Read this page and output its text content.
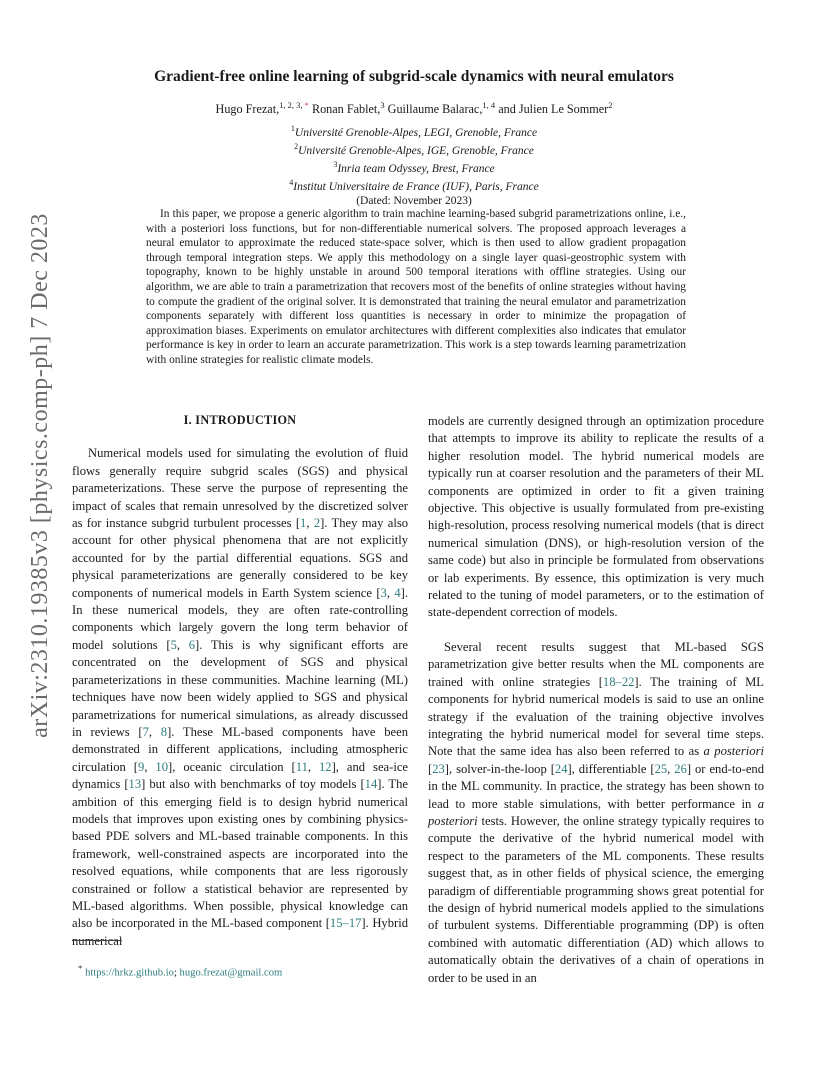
arXiv:2310.19385v3 [physics.comp-ph] 7 Dec 2023
Gradient-free online learning of subgrid-scale dynamics with neural emulators
Hugo Frezat,$^{1, 2, 3,}$ * Ronan Fablet,$^3$ Guillaume Balarac,$^{1, 4}$ and Julien Le Sommer$^2$
$^1$Université Grenoble-Alpes, LEGI, Grenoble, France
$^2$Université Grenoble-Alpes, IGE, Grenoble, France
$^3$Inria team Odyssey, Brest, France
$^4$Institut Universitaire de France (IUF), Paris, France
(Dated: November 2023)
In this paper, we propose a generic algorithm to train machine learning-based subgrid parametrizations online, i.e., with a posteriori loss functions, but for non-differentiable numerical solvers. The proposed approach leverages a neural emulator to approximate the reduced state-space solver, which is then used to allow gradient propagation through temporal integration steps. We apply this methodology on a single layer quasi-geostrophic system with topography, known to be highly unstable in around 500 temporal iterations with offline strategies. Using our algorithm, we are able to train a parametrization that recovers most of the benefits of online strategies without having to compute the gradient of the original solver. It is demonstrated that training the neural emulator and parametrization components separately with different loss quantities is necessary in order to minimize the propagation of approximation biases. Experiments on emulator architectures with different complexities also indicates that emulator performance is key in order to learn an accurate parametrization. This work is a step towards learning parametrization with online strategies for realistic climate models.
I. INTRODUCTION

Numerical models used for simulating the evolution of fluid flows generally require subgrid scales (SGS) and physical parameterizations. These serve the purpose of representing the impact of scales that remain unresolved by the discretized solver as for instance subgrid turbulent processes [1, 2]. They may also account for other physical phenomena that are not explicitly accounted for by the partial differential equations. SGS and physical parameterizations are generally considered to be key components of numerical models in Earth System science [3, 4]. In these numerical models, they are often rate-controlling components which largely govern the long term behavior of model solutions [5, 6]. This is why significant efforts are concentrated on the development of SGS and physical parameterizations in these communities. Machine learning (ML) techniques have now been widely applied to SGS and physical parametrizations for numerical simulations, as already discussed in reviews [7, 8]. These ML-based components have been demonstrated in different applications, including atmospheric circulation [9, 10], oceanic circulation [11, 12], and sea-ice dynamics [13] but also with benchmarks of toy models [14]. The ambition of this emerging field is to design hybrid numerical models that improves upon existing ones by combining physics-based PDE solvers and ML-based trainable components. In this framework, well-constrained aspects are incorporated into the resolved equations, while components that are less rigorously constrained or follow a statistical behavior are represented by ML-based algorithms. When possible, physical knowledge can also be incorporated in the ML-based component [15–17]. Hybrid numerical

models are currently designed through an optimization procedure that attempts to improve its ability to replicate the results of a higher resolution model. The hybrid numerical models are typically run at coarser resolution and the parameters of their ML components are optimized in order to fit a given training objective. This objective is usually formulated from pre-existing high-resolution, process resolving numerical models (that is direct numerical simulation (DNS), or high-resolution version of the same code) but also in principle be formulated from observations or lab experiments. By essence, this optimization is very much related to the tuning of model parameters, or to the estimation of state-dependent correction of models.

Several recent results suggest that ML-based SGS parametrization give better results when the ML components are trained with online strategies [18–22]. The training of ML components for hybrid numerical models is said to use an online strategy if the evaluation of the training objective involves integrating the hybrid numerical model for several time steps. Note that the same idea has also been referred to as a posteriori [23], solver-in-the-loop [24], differentiable [25, 26] or end-to-end in the ML community. In practice, the strategy has been shown to lead to more stable simulations, with better performance in a posteriori tests. However, the online strategy typically requires to compute the derivative of the hybrid numerical model with respect to the parameters of the ML components. These results suggest that, as in other fields of physical science, the emerging paradigm of differentiable programming shows great potential for the design of hybrid numerical models applied to the simulations of turbulent systems. Differentiable programming (DP) is often combined with automatic differentiation (AD) which allows to automatically obtain the derivatives of a chain of operations in order to be used in an

* https://hrkz.github.io; hugo.frezat@gmail.com
